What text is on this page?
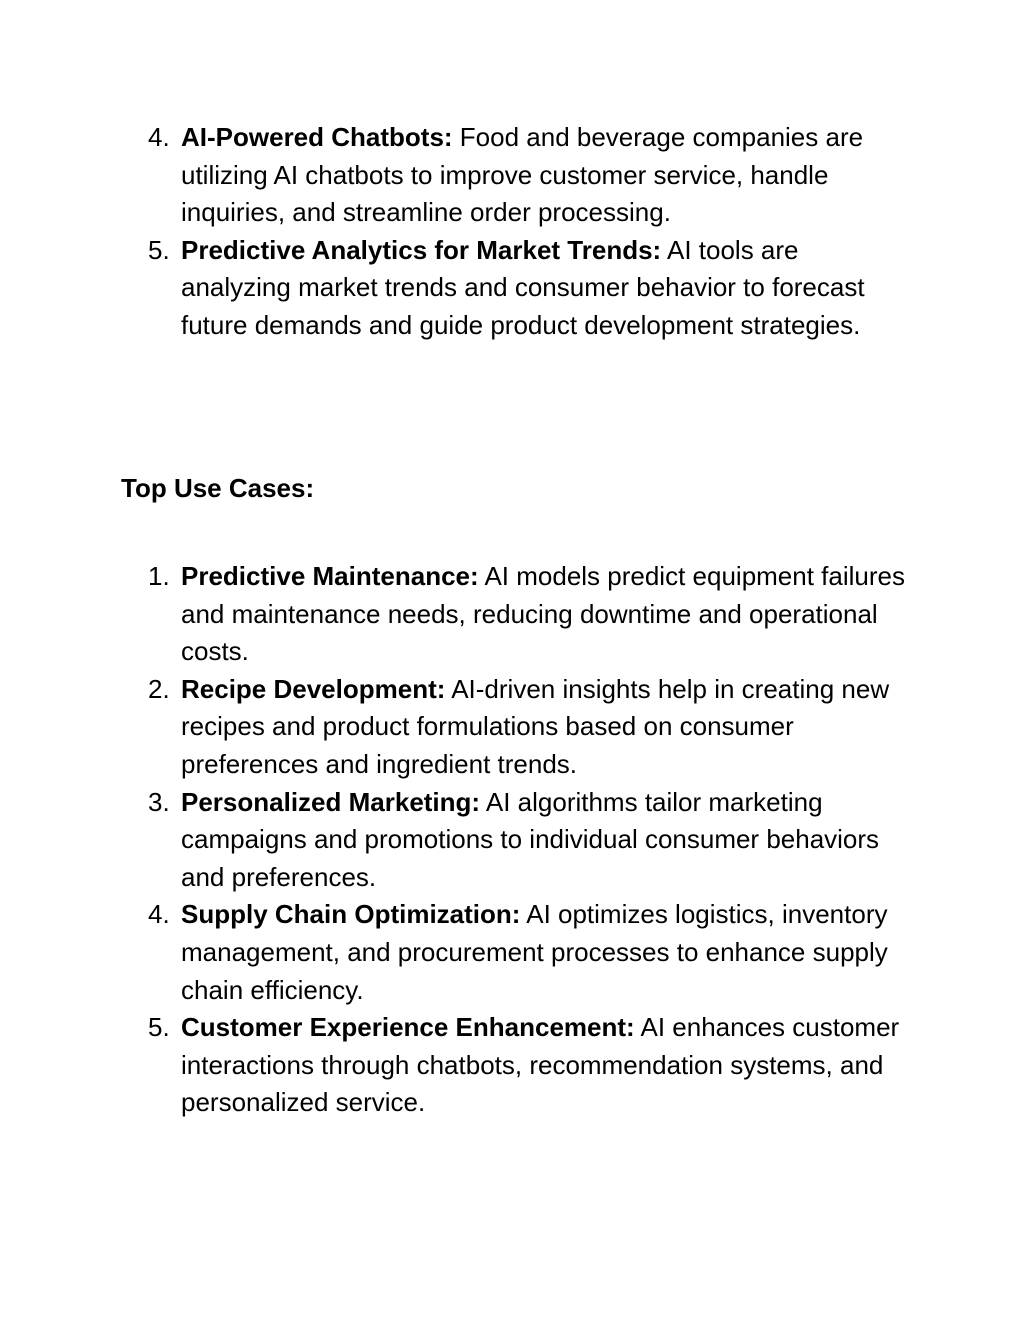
4. AI-Powered Chatbots: Food and beverage companies are utilizing AI chatbots to improve customer service, handle inquiries, and streamline order processing.
5. Predictive Analytics for Market Trends: AI tools are analyzing market trends and consumer behavior to forecast future demands and guide product development strategies.
Top Use Cases:
1. Predictive Maintenance: AI models predict equipment failures and maintenance needs, reducing downtime and operational costs.
2. Recipe Development: AI-driven insights help in creating new recipes and product formulations based on consumer preferences and ingredient trends.
3. Personalized Marketing: AI algorithms tailor marketing campaigns and promotions to individual consumer behaviors and preferences.
4. Supply Chain Optimization: AI optimizes logistics, inventory management, and procurement processes to enhance supply chain efficiency.
5. Customer Experience Enhancement: AI enhances customer interactions through chatbots, recommendation systems, and personalized service.
